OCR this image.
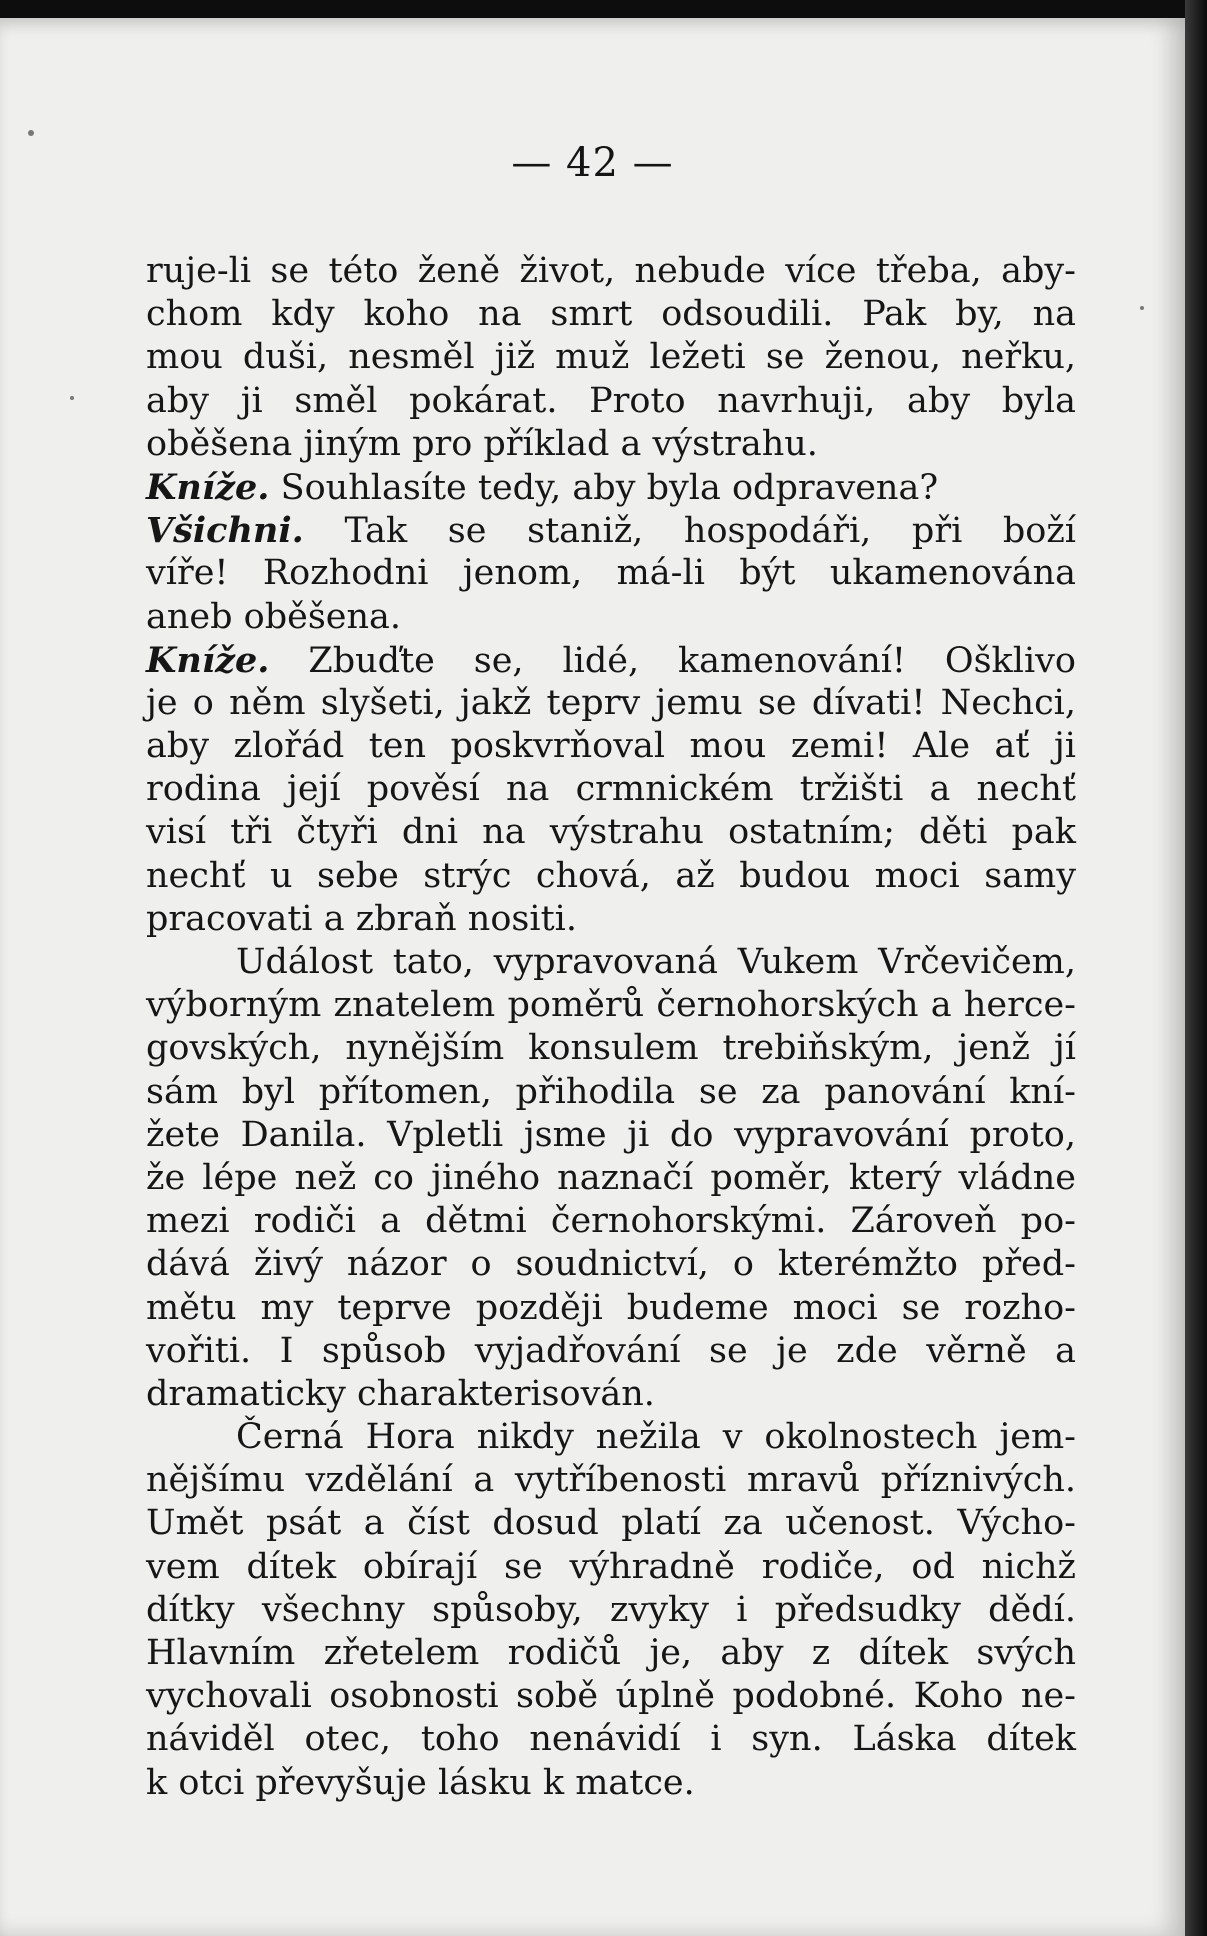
— 42 —
ruje-li se této ženě život, nebude více třeba, aby-
chom kdy koho na smrt odsoudili. Pak by, na
mou duši, nesměl již muž ležeti se ženou, neřku,
aby ji směl pokárat. Proto navrhuji, aby byla
oběšena jiným pro příklad a výstrahu.
Kníže. Souhlasíte tedy, aby byla odpravena?
Všichni. Tak se staniž, hospodáři, při boží
víře! Rozhodni jenom, má-li být ukamenována
aneb oběšena.
Kníže. Zbuďte se, lidé, kamenování! Ošklivo
je o něm slyšeti, jakž teprv jemu se dívati! Nechci,
aby zlořád ten poskvrňoval mou zemi! Ale ať ji
rodina její pověsí na crmnickém tržišti a nechť
visí tři čtyři dni na výstrahu ostatním; děti pak
nechť u sebe strýc chová, až budou moci samy
pracovati a zbraň nositi.
Událost tato, vypravovaná Vukem Vrčevičem,
výborným znatelem poměrů černohorských a herce-
govských, nynějším konsulem trebiňským, jenž jí
sám byl přítomen, přihodila se za panování kní-
žete Danila. Vpletli jsme ji do vypravování proto,
že lépe než co jiného naznačí poměr, který vládne
mezi rodiči a dětmi černohorskými. Zároveň po-
dává živý názor o soudnictví, o kterémžto před-
mětu my teprve později budeme moci se rozho-
vořiti. I spůsob vyjadřování se je zde věrně a
dramaticky charakterisován.
Černá Hora nikdy nežila v okolnostech jem-
nějšímu vzdělání a vytříbenosti mravů příznivých.
Umět psát a číst dosud platí za učenost. Výcho-
vem dítek obírají se výhradně rodiče, od nichž
dítky všechny spůsoby, zvyky i předsudky dědí.
Hlavním zřetelem rodičů je, aby z dítek svých
vychovali osobnosti sobě úplně podobné. Koho ne-
náviděl otec, toho nenávidí i syn. Láska dítek
k otci převyšuje lásku k matce.
